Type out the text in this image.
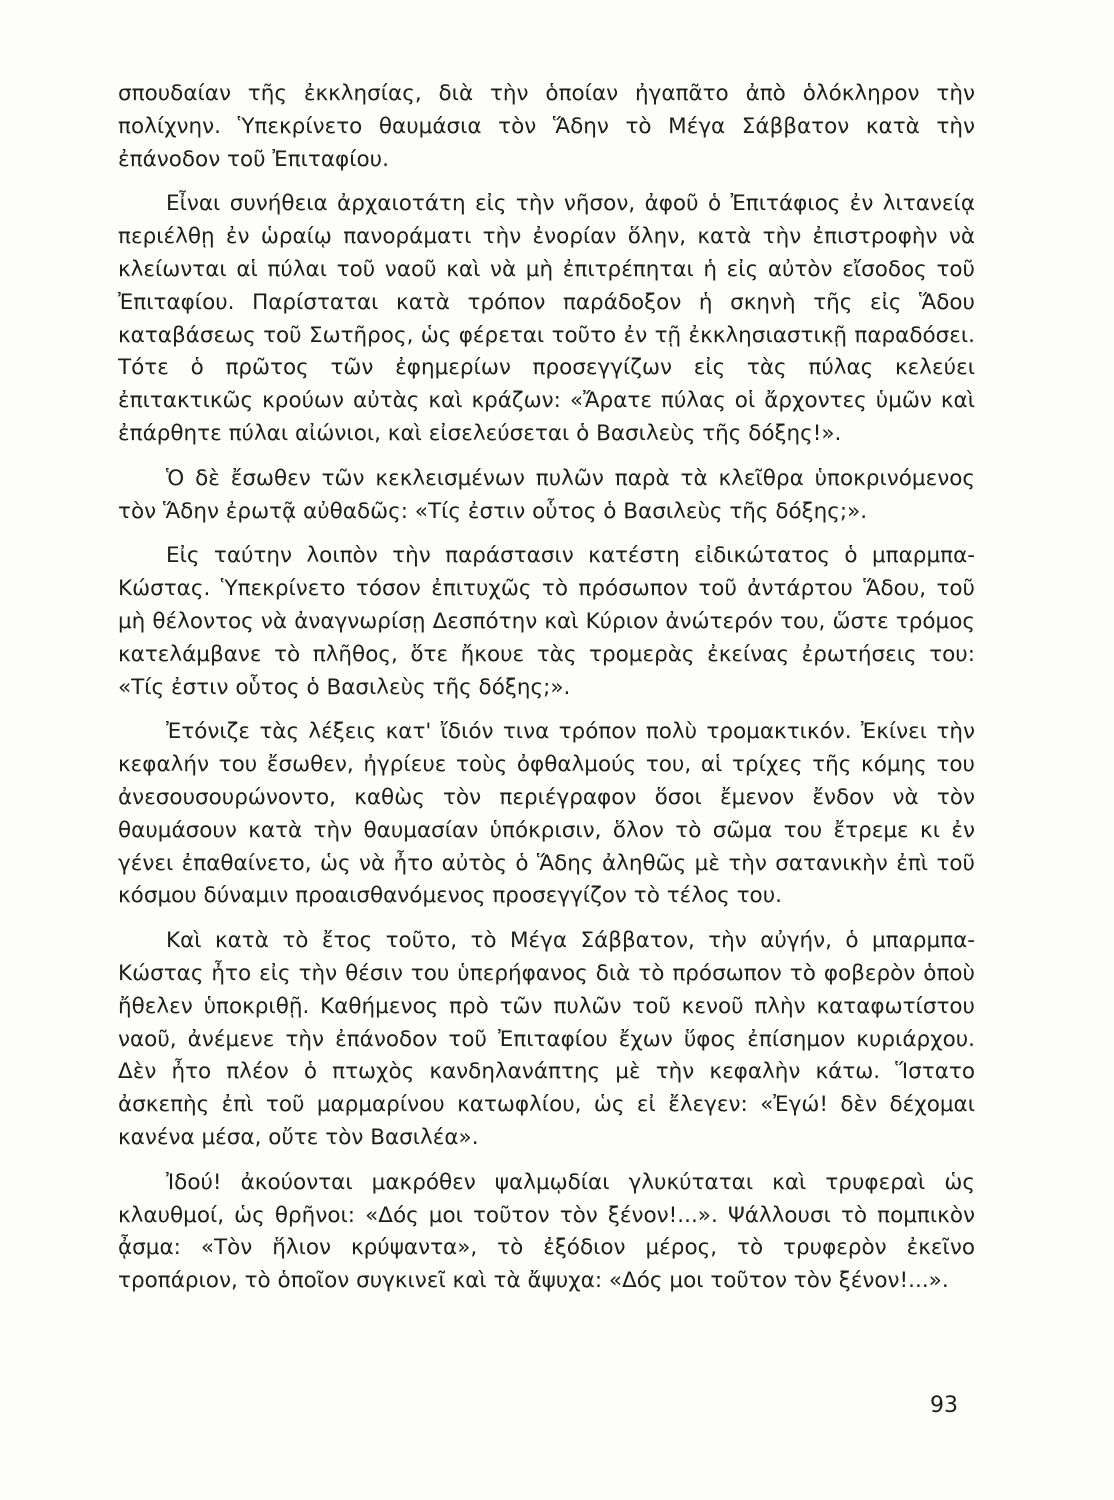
σπουδαίαν τῆς ἐκκλησίας, διὰ τὴν ὁποίαν ἠγαπᾶτο ἀπὸ ὁλόκληρον τὴν πολίχνην. Ὑπεκρίνετο θαυμάσια τὸν Ἅδην τὸ Μέγα Σάββατον κατὰ τὴν ἐπάνοδον τοῦ Ἐπιταφίου.

Εἶναι συνήθεια ἀρχαιοτάτη εἰς τὴν νῆσον, ἀφοῦ ὁ Ἐπιτάφιος ἐν λιτανείᾳ περιέλθῃ ἐν ὡραίῳ πανοράματι τὴν ἐνορίαν ὅλην, κατὰ τὴν ἐπιστροφὴν νὰ κλείωνται αἱ πύλαι τοῦ ναοῦ καὶ νὰ μὴ ἐπιτρέπηται ἡ εἰς αὐτὸν εἴσοδος τοῦ Ἐπιταφίου. Παρίσταται κατὰ τρόπον παράδοξον ἡ σκηνὴ τῆς εἰς Ἅδου καταβάσεως τοῦ Σωτῆρος, ὡς φέρεται τοῦτο ἐν τῇ ἐκκλησιαστικῇ παραδόσει. Τότε ὁ πρῶτος τῶν ἐφημερίων προσεγγίζων εἰς τὰς πύλας κελεύει ἐπιτακτικῶς κρούων αὐτὰς καὶ κράζων: «Ἄρατε πύλας οἱ ἄρχοντες ὑμῶν καὶ ἐπάρθητε πύλαι αἰώνιοι, καὶ εἰσελεύσεται ὁ Βασιλεὺς τῆς δόξης!».

Ὁ δὲ ἔσωθεν τῶν κεκλεισμένων πυλῶν παρὰ τὰ κλεῖθρα ὑποκρινόμενος τὸν Ἅδην ἐρωτᾷ αὐθαδῶς: «Τίς ἐστιν οὗτος ὁ Βασιλεὺς τῆς δόξης;».

Εἰς ταύτην λοιπὸν τὴν παράστασιν κατέστη εἰδικώτατος ὁ μπαρμπα-Κώστας. Ὑπεκρίνετο τόσον ἐπιτυχῶς τὸ πρόσωπον τοῦ ἀντάρτου Ἅδου, τοῦ μὴ θέλοντος νὰ ἀναγνωρίσῃ Δεσπότην καὶ Κύριον ἀνώτερόν του, ὥστε τρόμος κατελάμβανε τὸ πλῆθος, ὅτε ἤκουε τὰς τρομερὰς ἐκείνας ἐρωτήσεις του: «Τίς ἐστιν οὗτος ὁ Βασιλεὺς τῆς δόξης;».

Ἐτόνιζε τὰς λέξεις κατ' ἴδιόν τινα τρόπον πολὺ τρομακτικόν. Ἐκίνει τὴν κεφαλήν του ἔσωθεν, ἠγρίευε τοὺς ὀφθαλμούς του, αἱ τρίχες τῆς κόμης του ἀνεσουσουρώνοντο, καθὼς τὸν περιέγραφον ὅσοι ἔμενον ἔνδον νὰ τὸν θαυμάσουν κατὰ τὴν θαυμασίαν ὑπόκρισιν, ὅλον τὸ σῶμα του ἔτρεμε κι ἐν γένει ἐπαθαίνετο, ὡς νὰ ἦτο αὐτὸς ὁ Ἅδης ἀληθῶς μὲ τὴν σατανικὴν ἐπὶ τοῦ κόσμου δύναμιν προαισθανόμενος προσεγγίζον τὸ τέλος του.

Καὶ κατὰ τὸ ἔτος τοῦτο, τὸ Μέγα Σάββατον, τὴν αὐγήν, ὁ μπαρμπα-Κώστας ἦτο εἰς τὴν θέσιν του ὑπερήφανος διὰ τὸ πρόσωπον τὸ φοβερὸν ὁποὺ ἤθελεν ὑποκριθῇ. Καθήμενος πρὸ τῶν πυλῶν τοῦ κενοῦ πλὴν καταφωτίστου ναοῦ, ἀνέμενε τὴν ἐπάνοδον τοῦ Ἐπιταφίου ἔχων ὕφος ἐπίσημον κυριάρχου. Δὲν ἦτο πλέον ὁ πτωχὸς κανδηλανάπτης μὲ τὴν κεφαλὴν κάτω. Ἵστατο ἀσκεπὴς ἐπὶ τοῦ μαρμαρίνου κατωφλίου, ὡς εἰ ἔλεγεν: «Ἐγώ! δὲν δέχομαι κανένα μέσα, οὔτε τὸν Βασιλέα».

Ἰδού! ἀκούονται μακρόθεν ψαλμῳδίαι γλυκύταται καὶ τρυφεραὶ ὡς κλαυθμοί, ὡς θρῆνοι: «Δός μοι τοῦτον τὸν ξένον!...». Ψάλλουσι τὸ πομπικὸν ᾆσμα: «Τὸν ἥλιον κρύψαντα», τὸ ἐξόδιον μέρος, τὸ τρυφερὸν ἐκεῖνο τροπάριον, τὸ ὁποῖον συγκινεῖ καὶ τὰ ἄψυχα: «Δός μοι τοῦτον τὸν ξένον!...».

93
